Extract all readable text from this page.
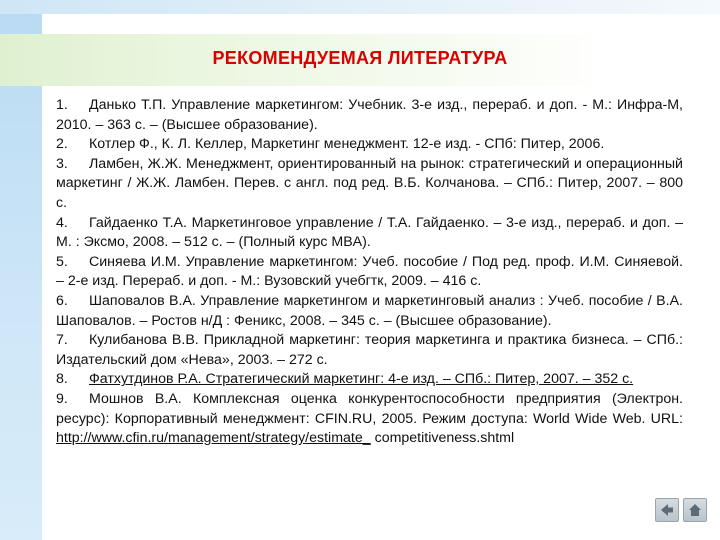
РЕКОМЕНДУЕМАЯ ЛИТЕРАТУРА

1. Данько Т.П. Управление маркетингом: Учебник. 3-е изд., перераб. и доп. - М.: Инфра-М, 2010. – 363 с. – (Высшее образование).

2. Котлер Ф., К. Л. Келлер, Маркетинг менеджмент. 12-е изд. - СПб: Питер, 2006.

3. Ламбен, Ж.Ж. Менеджмент, ориентированный на рынок: стратегический и операционный маркетинг / Ж.Ж. Ламбен. Перев. с англ. под ред. В.Б. Колчанова. – СПб.: Питер, 2007. – 800 с.

4. Гайдаенко Т.А. Маркетинговое управление / Т.А. Гайдаенко. – 3-е изд., перераб. и доп. – М. : Эксмо, 2008. – 512 с. – (Полный курс MBA).

5. Синяева И.М. Управление маркетингом: Учеб. пособие / Под ред. проф. И.М. Синяевой. – 2-е изд. Перераб. и доп. - М.: Вузовский учебгтк, 2009. – 416 с.

6. Шаповалов В.А. Управление маркетингом и маркетинговый анализ : Учеб. пособие / В.А. Шаповалов. – Ростов н/Д : Феникс, 2008. – 345 с. – (Высшее образование).

7. Кулибанова В.В. Прикладной маркетинг: теория маркетинга и практика бизнеса. – СПб.: Издательский дом «Нева», 2003. – 272 с.

8. Фатхутдинов Р.А. Стратегический маркетинг: 4-е изд. – СПб.: Питер, 2007. – 352 с.

9. Мошнов В.А. Комплексная оценка конкурентоспособности предприятия (Электрон. ресурс): Корпоративный менеджмент: CFIN.RU, 2005. Режим доступа: World Wide Web. URL: http://www.cfin.ru/management/strategy/estimate_ competitiveness.shtml
